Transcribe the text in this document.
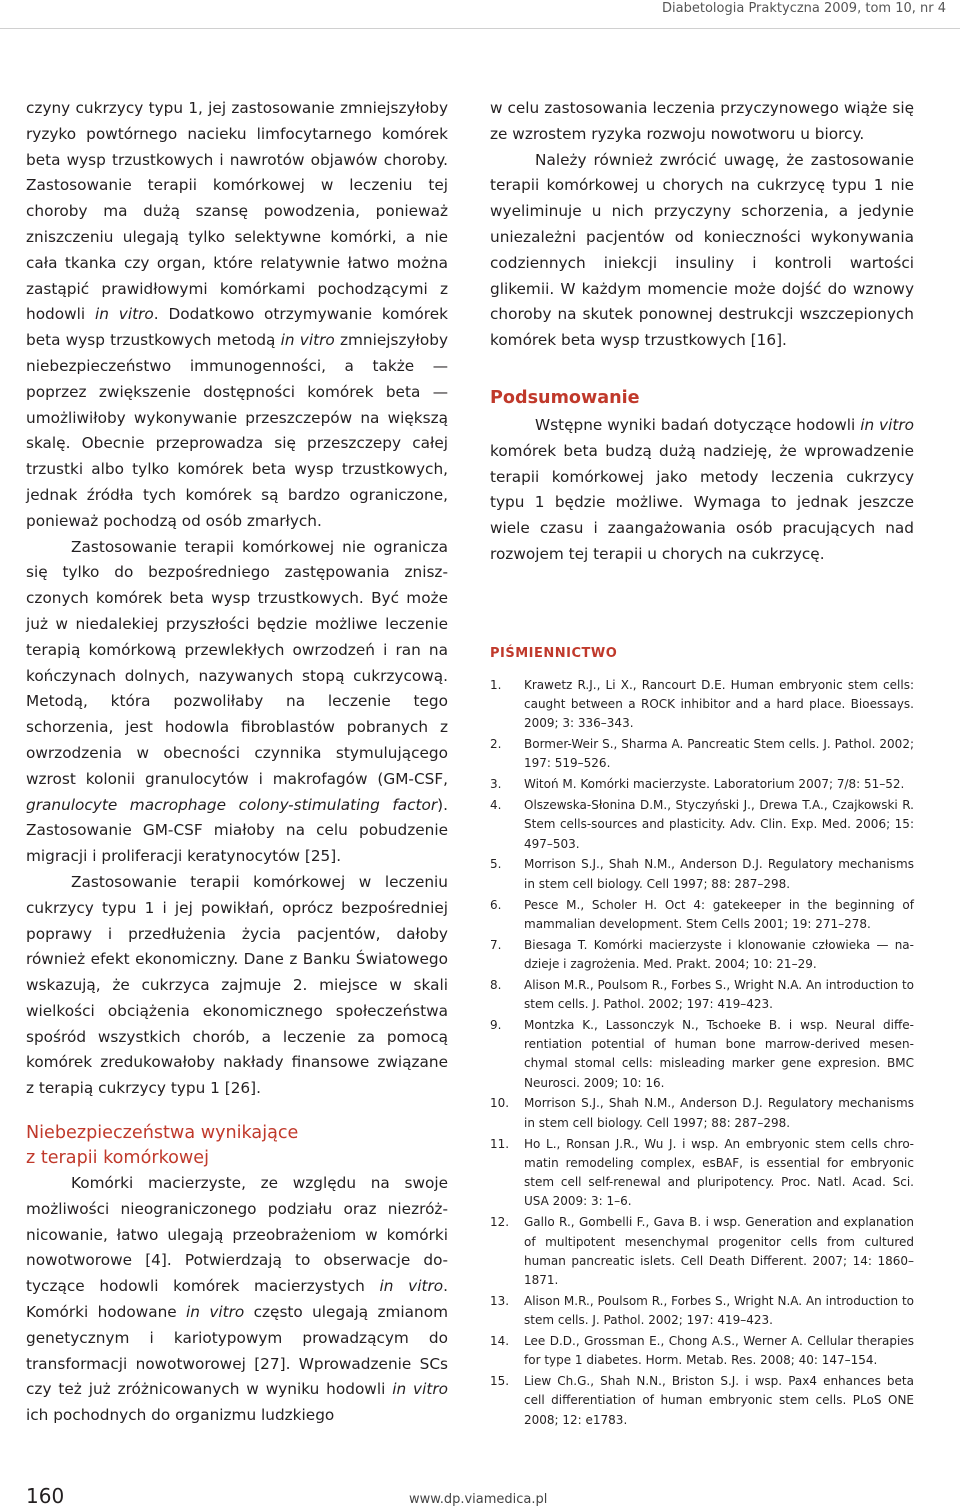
Diabetologia Praktyczna 2009, tom 10, nr 4

czyny cukrzycy typu 1, jej zastosowanie zmniejszyłoby ryzyko powtórnego nacieku limfocytarnego komórek beta wysp trzustkowych i nawrotów objawów choroby. Zastosowanie terapii komórkowej w leczeniu tej choroby ma dużą szansę powodzenia, ponieważ zniszczeniu ulegają tylko selektywne komórki, a nie cała tkanka czy organ, które relatywnie łatwo można zastąpić prawidłowymi komórkami pochodzącymi z hodowli in vitro. Dodatkowo otrzymywanie komórek beta wysp trzustkowych metodą in vitro zmniejszyłoby niebezpieczeństwo immunogenności, a także — poprzez zwiększenie dostępności komórek beta — umożliwiłoby wykonywanie przeszczepów na większą skalę. Obecnie przeprowadza się przeszczepy całej trzustki albo tylko komórek beta wysp trzustkowych, jednak źródła tych komórek są bardzo ograniczone, ponieważ pochodzą od osób zmarłych.

Zastosowanie terapii komórkowej nie ogranicza się tylko do bezpośredniego zastępowania zniszczonych komórek beta wysp trzustkowych. Być może już w niedalekiej przyszłości będzie możliwe leczenie terapią komórkową przewlekłych owrzodzeń i ran na kończynach dolnych, nazywanych stopą cukrzycową. Metodą, która pozwoliłaby na leczenie tego schorzenia, jest hodowla fibroblastów pobranych z owrzodzenia w obecności czynnika stymulującego wzrost kolonii granulocytów i makrofagów (GM-CSF, granulocyte macrophage colony-stimulating factor). Zastosowanie GM-CSF miałoby na celu pobudzenie migracji i proliferacji keratynocytów [25].

Zastosowanie terapii komórkowej w leczeniu cukrzycy typu 1 i jej powikłań, oprócz bezpośredniej poprawy i przedłużenia życia pacjentów, dałoby również efekt ekonomiczny. Dane z Banku Światowego wskazują, że cukrzyca zajmuje 2. miejsce w skali wielkości obciążenia ekonomicznego społeczeństwa spośród wszystkich chorób, a leczenie za pomocą komórek zredukowałoby nakłady finansowe związane z terapią cukrzycy typu 1 [26].

Niebezpieczeństwa wynikające
z terapii komórkowej

Komórki macierzyste, ze względu na swoje możliwości nieograniczonego podziału oraz niezróżnicowanie, łatwo ulegają przeobrażeniom w komórki nowotworowe [4]. Potwierdzają to obserwacje dotyczące hodowli komórek macierzystych in vitro. Komórki hodowane in vitro często ulegają zmianom genetycznym i kariotypowym prowadzącym do transformacji nowotworowej [27]. Wprowadzenie SCs czy też już zróżnicowanych w wyniku hodowli in vitro ich pochodnych do organizmu ludzkiego

w celu zastosowania leczenia przyczynowego wiąże się ze wzrostem ryzyka rozwoju nowotworu u biorcy.

Należy również zwrócić uwagę, że zastosowanie terapii komórkowej u chorych na cukrzycę typu 1 nie wyeliminuje u nich przyczyny schorzenia, a jedynie uniezależni pacjentów od konieczności wykonywania codziennych iniekcji insuliny i kontroli wartości glikemii. W każdym momencie może dojść do wznowy choroby na skutek ponownej destrukcji wszczepionych komórek beta wysp trzustkowych [16].

Podsumowanie

Wstępne wyniki badań dotyczące hodowli in vitro komórek beta budzą dużą nadzieję, że wprowadzenie terapii komórkowej jako metody leczenia cukrzycy typu 1 będzie możliwe. Wymaga to jednak jeszcze wiele czasu i zaangażowania osób pracujących nad rozwojem tej terapii u chorych na cukrzycę.

PIŚMIENNICTWO
1. Krawetz R.J., Li X., Rancourt D.E. Human embryonic stem cells: caught between a ROCK inhibitor and a hard place. Bioessays. 2009; 3: 336–343.
2. Bormer-Weir S., Sharma A. Pancreatic Stem cells. J. Pathol. 2002; 197: 519–526.
3. Witoń M. Komórki macierzyste. Laboratorium 2007; 7/8: 51–52.
4. Olszewska-Słonina D.M., Styczyński J., Drewa T.A., Czajkowski R. Stem cells-sources and plasticity. Adv. Clin. Exp. Med. 2006; 15: 497–503.
5. Morrison S.J., Shah N.M., Anderson D.J. Regulatory mechanisms in stem cell biology. Cell 1997; 88: 287–298.
6. Pesce M., Scholer H. Oct 4: gatekeeper in the beginning of mammalian development. Stem Cells 2001; 19: 271–278.
7. Biesaga T. Komórki macierzyste i klonowanie człowieka — nadzieje i zagrożenia. Med. Prakt. 2004; 10: 21–29.
8. Alison M.R., Poulsom R., Forbes S., Wright N.A. An introduction to stem cells. J. Pathol. 2002; 197: 419–423.
9. Montzka K., Lassonczyk N., Tschoeke B. i wsp. Neural differentiation potential of human bone marrow-derived mesenchymal stomal cells: misleading marker gene expresion. BMC Neurosci. 2009; 10: 16.
10. Morrison S.J., Shah N.M., Anderson D.J. Regulatory mechanisms in stem cell biology. Cell 1997; 88: 287–298.
11. Ho L., Ronsan J.R., Wu J. i wsp. An embryonic stem cells chromatin remodeling complex, esBAF, is essential for embryonic stem cell self-renewal and pluripotency. Proc. Natl. Acad. Sci. USA 2009: 3: 1–6.
12. Gallo R., Gombelli F., Gava B. i wsp. Generation and explanation of multipotent mesenchymal progenitor cells from cultured human pancreatic islets. Cell Death Different. 2007; 14: 1860–1871.
13. Alison M.R., Poulsom R., Forbes S., Wright N.A. An introduction to stem cells. J. Pathol. 2002; 197: 419–423.
14. Lee D.D., Grossman E., Chong A.S., Werner A. Cellular therapies for type 1 diabetes. Horm. Metab. Res. 2008; 40: 147–154.
15. Liew Ch.G., Shah N.N., Briston S.J. i wsp. Pax4 enhances beta cell differentiation of human embryonic stem cells. PLoS ONE 2008; 12: e1783.
160	www.dp.viamedica.pl
